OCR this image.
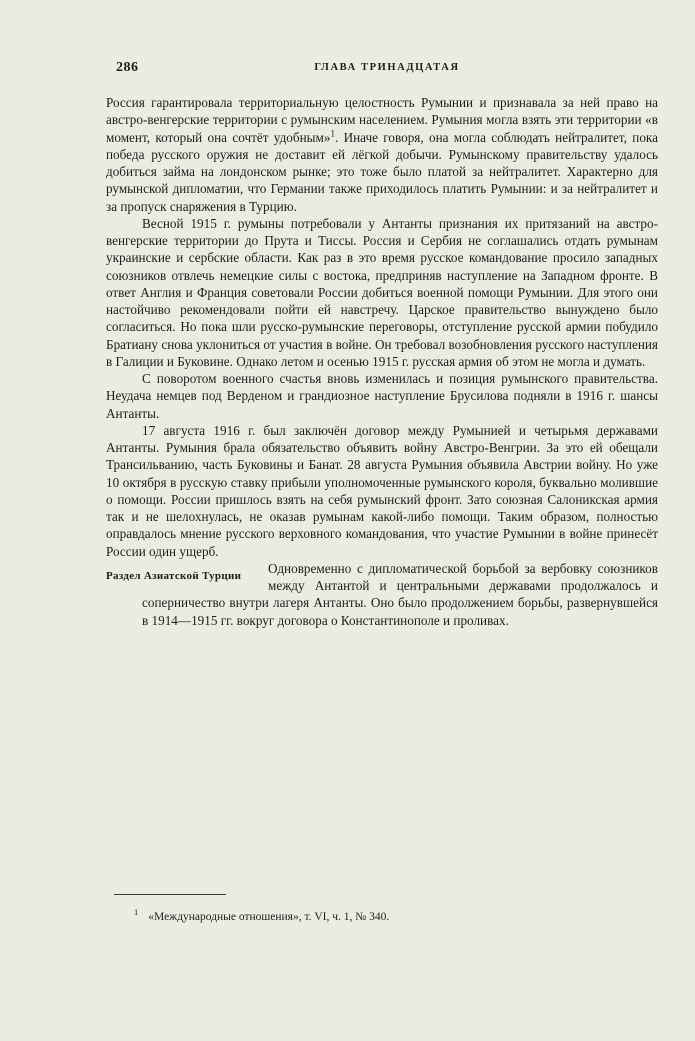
286	ГЛАВА ТРИНАДЦАТАЯ

Россия гарантировала территориальную целостность Румынии и признавала за ней право на австро-венгерские территории с румынским населением. Румыния могла взять эти территории «в момент, который она сочтёт удобным»$^1$. Иначе говоря, она могла соблюдать нейтралитет, пока победа русского оружия не доставит ей лёгкой добычи. Румынскому правительству удалось добиться займа на лондонском рынке; это тоже было платой за нейтралитет. Характерно для румынской дипломатии, что Германии также приходилось платить Румынии: и за нейтралитет и за пропуск снаряжения в Турцию.

Весной 1915 г. румыны потребовали у Антанты признания их притязаний на австро-венгерские территории до Прута и Тиссы. Россия и Сербия не соглашались отдать румынам украинские и сербские области. Как раз в это время русское командование просило западных союзников отвлечь немецкие силы с востока, предприняв наступление на Западном фронте. В ответ Англия и Франция советовали России добиться военной помощи Румынии. Для этого они настойчиво рекомендовали пойти ей навстречу. Царское правительство вынуждено было согласиться. Но пока шли русско-румынские переговоры, отступление русской армии побудило Братиану снова уклониться от участия в войне. Он требовал возобновления русского наступления в Галиции и Буковине. Однако летом и осенью 1915 г. русская армия об этом не могла и думать.

С поворотом военного счастья вновь изменилась и позиция румынского правительства. Неудача немцев под Верденом и грандиозное наступление Брусилова подняли в 1916 г. шансы Антанты.

17 августа 1916 г. был заключён договор между Румынией и четырьмя державами Антанты. Румыния брала обязательство объявить войну Австро-Венгрии. За это ей обещали Трансильванию, часть Буковины и Банат. 28 августа Румыния объявила Австрии войну. Но уже 10 октября в русскую ставку прибыли уполномоченные румынского короля, буквально молившие о помощи. России пришлось взять на себя румынский фронт. Зато союзная Салоникская армия так и не шелохнулась, не оказав румынам какой-либо помощи. Таким образом, полностью оправдалось мнение русского верховного командования, что участие Румынии в войне принесёт России один ущерб.

Раздел Азиатской Турции	Одновременно с дипломатической борьбой за вербовку союзников между Антантой и центральными державами продолжалось и соперничество внутри лагеря Антанты. Оно было продолжением борьбы, развернувшейся в 1914—1915 гг. вокруг договора о Константинополе и проливах.

$^1$ «Международные отношения», т. VI, ч. 1, № 340.
